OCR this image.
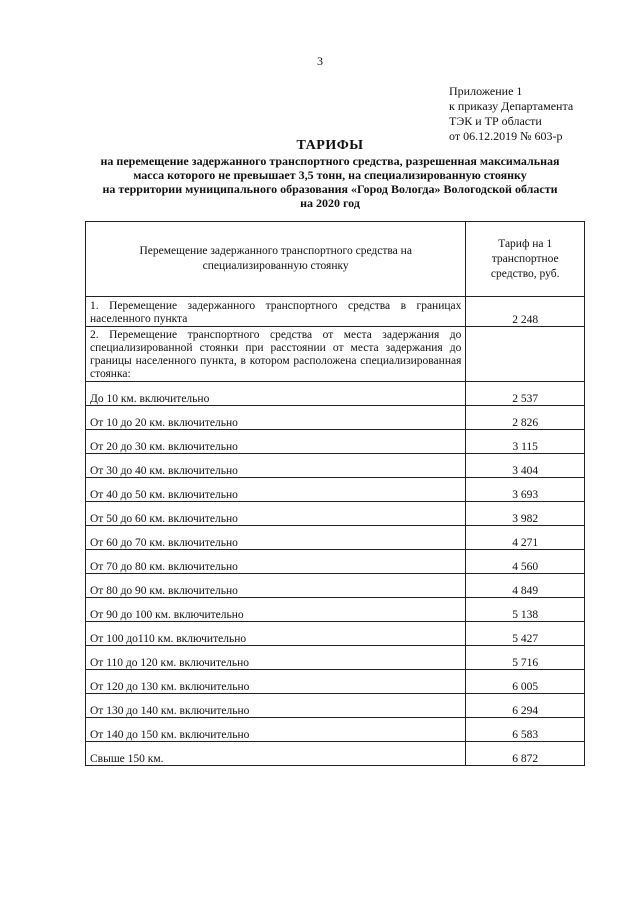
3
Приложение 1
к приказу Департамента
ТЭК и ТР области
от 06.12.2019 № 603-р
ТАРИФЫ
на перемещение задержанного транспортного средства, разрешенная максимальная
масса которого не превышает 3,5 тонн, на специализированную стоянку
на территории муниципального образования «Город Вологда» Вологодской области
на 2020 год
Перемещение задержанного транспортного средства на специализированную стоянку	Тариф на 1 транспортное средство, руб.
1. Перемещение задержанного транспортного средства в границах населенного пункта	2 248
2. Перемещение транспортного средства от места задержания до специализированной стоянки при расстоянии от места задержания до границы населенного пункта, в котором расположена специализированная стоянка:	
До 10 км. включительно	2 537
От 10 до 20 км. включительно	2 826
От 20 до 30 км. включительно	3 115
От 30 до 40 км. включительно	3 404
От 40 до 50 км. включительно	3 693
От 50 до 60 км. включительно	3 982
От 60 до 70 км. включительно	4 271
От 70 до 80 км. включительно	4 560
От 80 до 90 км. включительно	4 849
От 90 до 100 км. включительно	5 138
От 100 до110 км. включительно	5 427
От 110 до 120 км. включительно	5 716
От 120 до 130 км. включительно	6 005
От 130 до 140 км. включительно	6 294
От 140 до 150 км. включительно	6 583
Свыше 150 км.	6 872
